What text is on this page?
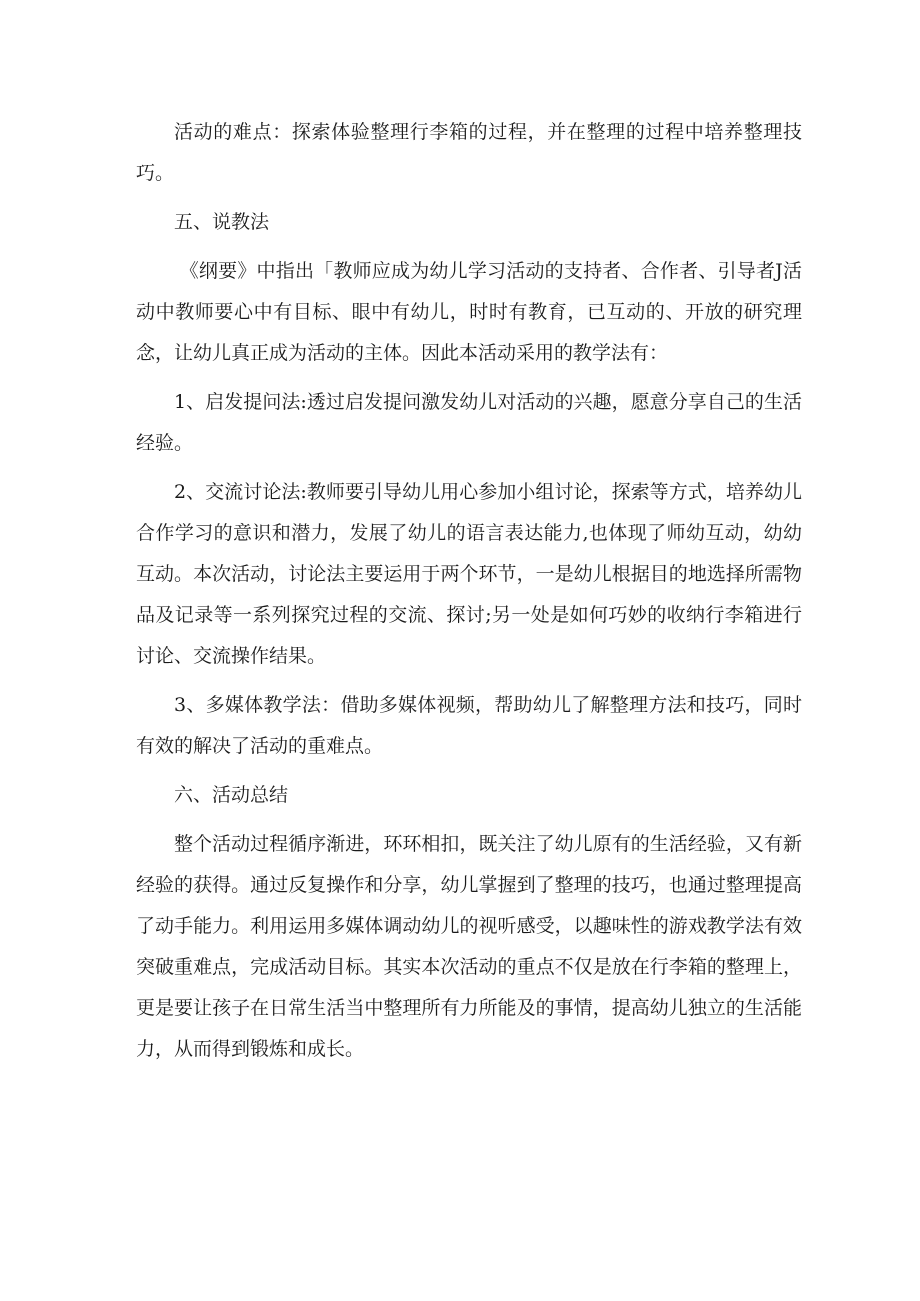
活动的难点：探索体验整理行李箱的过程，并在整理的过程中培养整理技巧。

五、说教法

《纲要》中指出「教师应成为幼儿学习活动的支持者、合作者、引导者J活动中教师要心中有目标、眼中有幼儿，时时有教育，已互动的、开放的研究理念，让幼儿真正成为活动的主体。因此本活动采用的教学法有：

1、启发提问法:透过启发提问激发幼儿对活动的兴趣，愿意分享自己的生活经验。

2、交流讨论法:教师要引导幼儿用心参加小组讨论，探索等方式，培养幼儿合作学习的意识和潜力，发展了幼儿的语言表达能力,也体现了师幼互动，幼幼互动。本次活动，讨论法主要运用于两个环节，一是幼儿根据目的地选择所需物品及记录等一系列探究过程的交流、探讨;另一处是如何巧妙的收纳行李箱进行讨论、交流操作结果。

3、多媒体教学法：借助多媒体视频，帮助幼儿了解整理方法和技巧，同时有效的解决了活动的重难点。

六、活动总结

整个活动过程循序渐进，环环相扣，既关注了幼儿原有的生活经验，又有新经验的获得。通过反复操作和分享，幼儿掌握到了整理的技巧，也通过整理提高了动手能力。利用运用多媒体调动幼儿的视听感受，以趣味性的游戏教学法有效突破重难点，完成活动目标。其实本次活动的重点不仅是放在行李箱的整理上，更是要让孩子在日常生活当中整理所有力所能及的事情，提高幼儿独立的生活能力，从而得到锻炼和成长。
